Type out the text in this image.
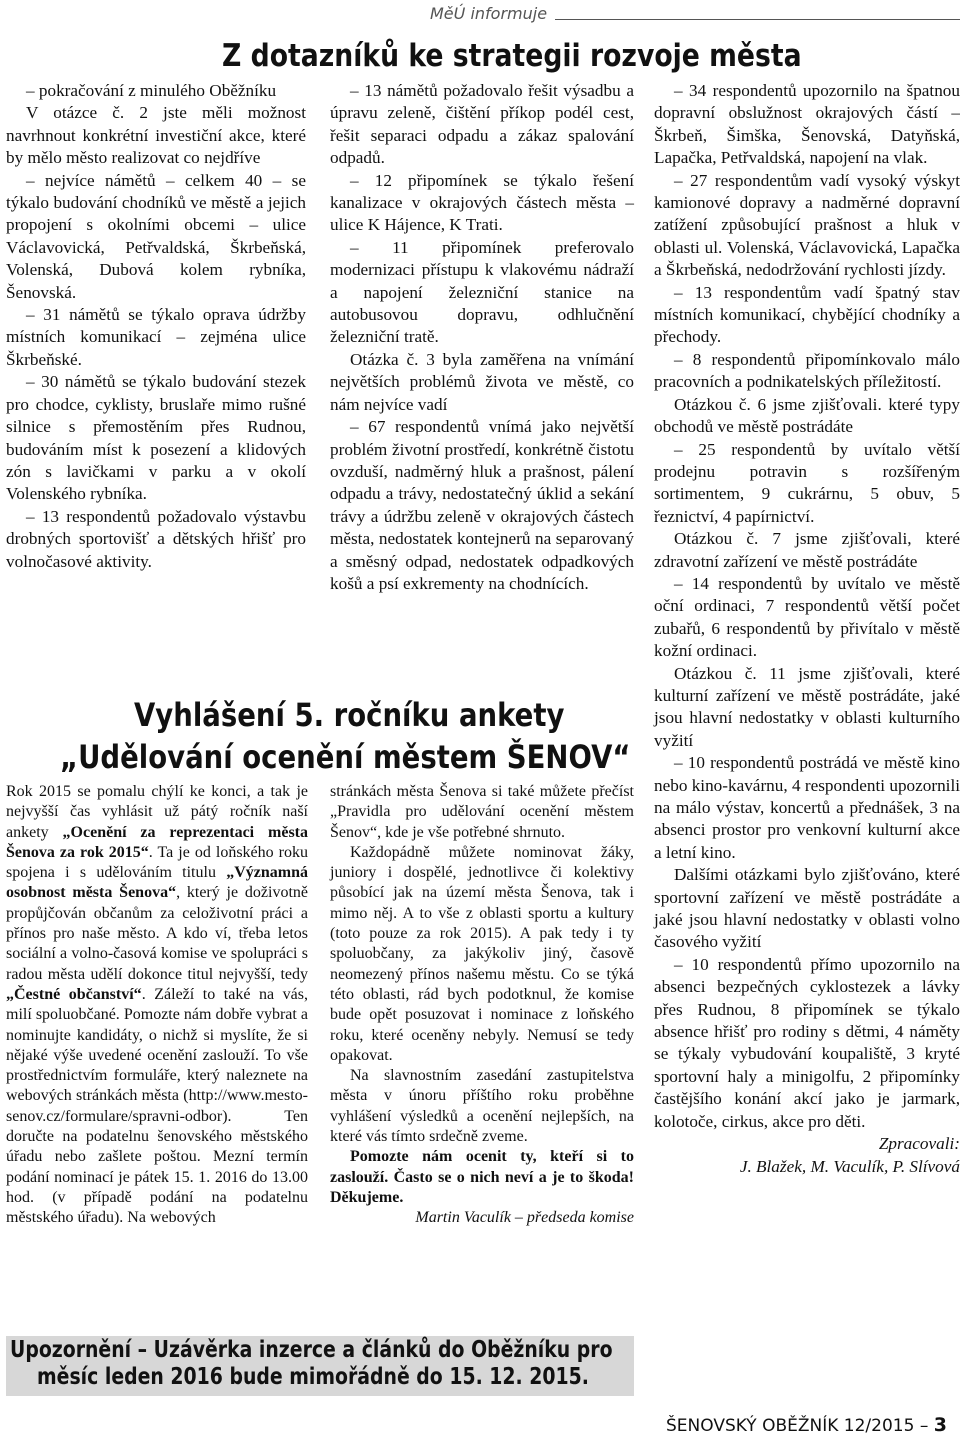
MěÚ informuje
Z dotazníků ke strategii rozvoje města

– pokračování z minulého Oběžníku

V otázce č. 2 jste měli možnost navrhnout konkrétní investiční akce, které by mělo město realizovat co nejdříve

– nejvíce námětů – celkem 40 – se týkalo budování chodníků ve městě a jejich propojení s okolními obcemi – ulice Václavovická, Petřvaldská, Škrbeňská, Volenská, Dubová kolem rybníka, Šenovská.

– 31 námětů se týkalo oprava údržby místních komunikací – zejména ulice Škrbeňské.

– 30 námětů se týkalo budování stezek pro chodce, cyklisty, bruslaře mimo rušné silnice s přemostěním přes Rudnou, budováním míst k posezení a klidových zón s lavičkami v parku a v okolí Volenského rybníka.

– 13 respondentů požadovalo výstavbu drobných sportovišť a dětských hřišť pro volnočasové aktivity.

– 13 námětů požadovalo řešit výsadbu a úpravu zeleně, čištění příkop podél cest, řešit separaci odpadu a zákaz spalování odpadů.

– 12 připomínek se týkalo řešení kanalizace v okrajových částech města – ulice K Hájence, K Trati.

– 11 připomínek preferovalo modernizaci přístupu k vlakovému nádraží a napojení železniční stanice na autobusovou dopravu, odhlučnění železniční tratě.

Otázka č. 3 byla zaměřena na vnímání největších problémů života ve městě, co nám nejvíce vadí

– 67 respondentů vnímá jako největší problém životní prostředí, konkrétně čistotu ovzduší, nadměrný hluk a prašnost, pálení odpadu a trávy, nedostatečný úklid a sekání trávy a údržbu zeleně v okrajových částech města, nedostatek kontejnerů na separovaný a směsný odpad, nedostatek odpadkových košů a psí exkrementy na chodnících.

– 34 respondentů upozornilo na špatnou dopravní obslužnost okrajových částí – Škrbeň, Šimška, Šenovská, Datyňská, Lapačka, Petřvaldská, napojení na vlak.

– 27 respondentům vadí vysoký výskyt kamionové dopravy a nadměrné dopravní zatížení způsobující prašnost a hluk v oblasti ul. Volenská, Václavovická, Lapačka a Škrbeňská, nedodržování rychlosti jízdy.

– 13 respondentům vadí špatný stav místních komunikací, chybějící chodníky a přechody.

– 8 respondentů připomínkovalo málo pracovních a podnikatelských příležitostí.

Otázkou č. 6 jsme zjišťovali. které typy obchodů ve městě postrádáte

– 25 respondentů by uvítalo větší prodejnu potravin s rozšířeným sortimentem, 9 cukrárnu, 5 obuv, 5 řeznictví, 4 papírnictví.

Otázkou č. 7 jsme zjišťovali, které zdravotní zařízení ve městě postrádáte

– 14 respondentů by uvítalo ve městě oční ordinaci, 7 respondentů větší počet zubařů, 6 respondentů by přivítalo v městě kožní ordinaci.

Otázkou č. 11 jsme zjišťovali, které kulturní zařízení ve městě postrádáte, jaké jsou hlavní nedostatky v oblasti kulturního vyžití

– 10 respondentů postrádá ve městě kino nebo kino-kavárnu, 4 respondenti upozornili na málo výstav, koncertů a přednášek, 3 na absenci prostor pro venkovní kulturní akce a letní kino.

Dalšími otázkami bylo zjišťováno, které sportovní zařízení ve městě postrádáte a jaké jsou hlavní nedostatky v oblasti volno časového vyžití

– 10 respondentů přímo upozornilo na absenci bezpečných cyklostezek a lávky přes Rudnou, 8 připomínek se týkalo absence hřišť pro rodiny s dětmi, 4 náměty se týkaly vybudování koupaliště, 3 kryté sportovní haly a minigolfu, 2 připomínky častějšího konání akcí jako je jarmark, kolotoče, cirkus, akce pro děti.

Zpracovali:

J. Blažek, M. Vaculík, P. Slívová

Vyhlášení 5. ročníku ankety
„Udělování ocenění městem ŠENOV“

Rok 2015 se pomalu chýlí ke konci, a tak je nejvyšší čas vyhlásit už pátý ročník naší ankety „Ocenění za reprezentaci města Šenova za rok 2015“. Ta je od loňského roku spojena i s udělováním titulu „Významná osobnost města Šenova“, který je doživotně propůjčován občanům za celoživotní práci a přínos pro naše město. A kdo ví, třeba letos sociální a volno-časová komise ve spolupráci s radou města udělí dokonce titul nejvyšší, tedy „Čestné občanství“. Záleží to také na vás, milí spoluobčané. Pomozte nám dobře vybrat a nominujte kandidáty, o nichž si myslíte, že si nějaké výše uvedené ocenění zaslouží. To vše prostřednictvím formuláře, který naleznete na webových stránkách města (http://www.mesto-senov.cz/formulare/spravni-odbor). Ten doručte na podatelnu šenovského městského úřadu nebo zašlete poštou. Mezní termín podání nominací je pátek 15. 1. 2016 do 13.00 hod. (v případě podání na podatelnu městského úřadu). Na webových

stránkách města Šenova si také můžete přečíst „Pravidla pro udělování ocenění městem Šenov“, kde je vše potřebné shrnuto.

Každopádně můžete nominovat žáky, juniory i dospělé, jednotlivce či kolektivy působící jak na území města Šenova, tak i mimo něj. A to vše z oblasti sportu a kultury (toto pouze za rok 2015). A pak tedy i ty spoluobčany, za jakýkoliv jiný, časově neomezený přínos našemu městu. Co se týká této oblasti, rád bych podotknul, že komise bude opět posuzovat i nominace z loňského roku, které oceněny nebyly. Nemusí se tedy opakovat.

Na slavnostním zasedání zastupitelstva města v únoru příštího roku proběhne vyhlášení výsledků a ocenění nejlepších, na které vás tímto srdečně zveme.

Pomozte nám ocenit ty, kteří si to zaslouží. Často se o nich neví a je to škoda! Děkujeme.

Martin Vaculík – předseda komise

Upozornění – Uzávěrka inzerce a článků do Oběžníku pro
měsíc leden 2016 bude mimořádně do 15. 12. 2015.
ŠENOVSKÝ OBĚŽNÍK 12/2015 – 3
